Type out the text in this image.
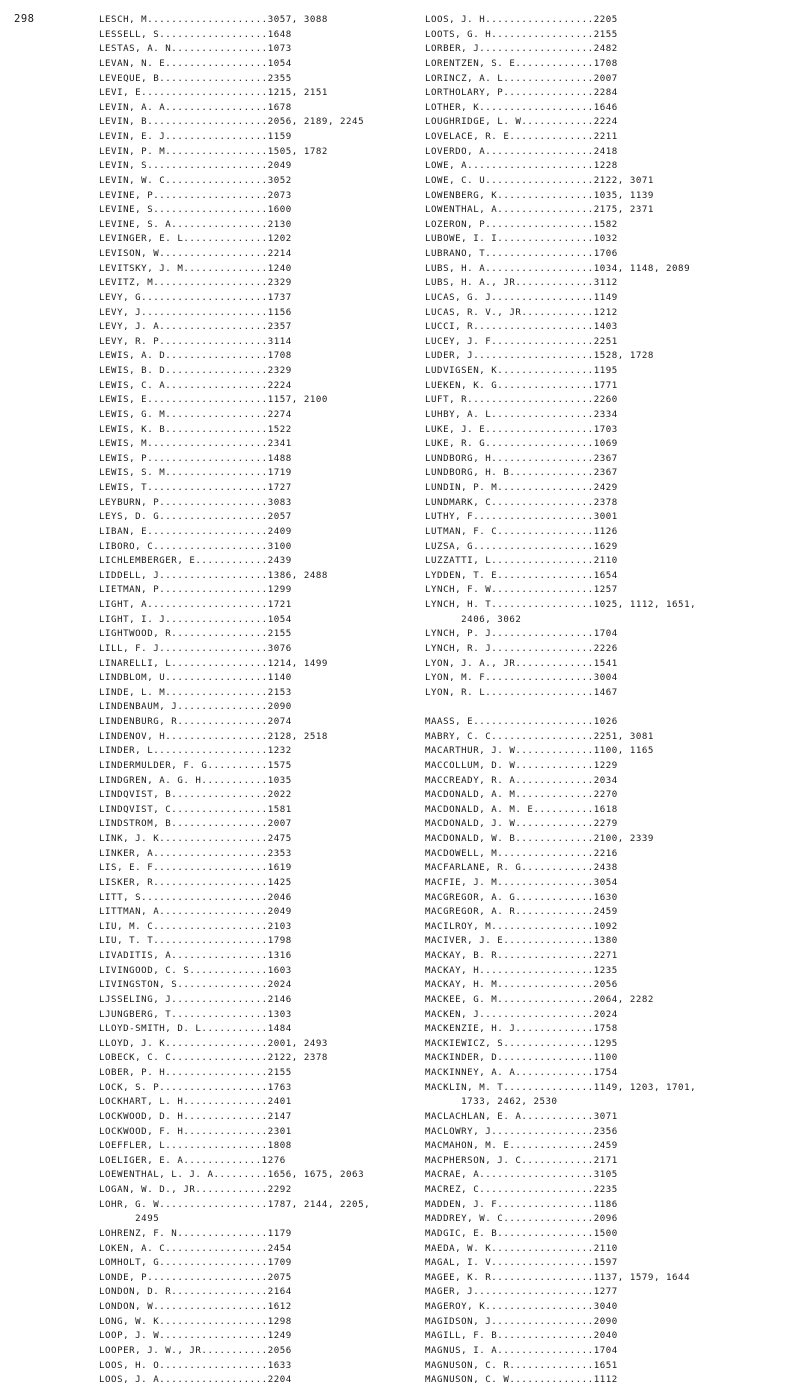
298	LESCH, M....................3057, 3088
LESSELL, S..................1648
LESTAS, A. N................1073
LEVAN, N. E.................1054
LEVEQUE, B..................2355
LEVI, E.....................1215, 2151
LEVIN, A. A.................1678
LEVIN, B....................2056, 2189, 2245
LEVIN, E. J.................1159
LEVIN, P. M.................1505, 1782
LEVIN, S....................2049
LEVIN, W. C.................3052
LEVINE, P...................2073
LEVINE, S...................1600
LEVINE, S. A................2130
LEVINGER, E. L..............1202
LEVISON, W..................2214
LEVITSKY, J. M..............1240
LEVITZ, M...................2329
LEVY, G.....................1737
LEVY, J.....................1156
LEVY, J. A..................2357
LEVY, R. P..................3114
LEWIS, A. D.................1708
LEWIS, B. D.................2329
LEWIS, C. A.................2224
LEWIS, E....................1157, 2100
LEWIS, G. M.................2274
LEWIS, K. B.................1522
LEWIS, M....................2341
LEWIS, P....................1488
LEWIS, S. M.................1719
LEWIS, T....................1727
LEYBURN, P..................3083
LEYS, D. G..................2057
LIBAN, E....................2409
LIBORO, C...................3100
LICHLEMBERGER, E............2439
LIDDELL, J..................1386, 2488
LIETMAN, P..................1299
LIGHT, A....................1721
LIGHT, I. J.................1054
LIGHTWOOD, R................2155
LILL, F. J..................3076
LINARELLI, L................1214, 1499
LINDBLOM, U.................1140
LINDE, L. M.................2153
LINDENBAUM, J...............2090
LINDENBURG, R...............2074
LINDENOV, H.................2128, 2518
LINDER, L...................1232
LINDERMULDER, F. G..........1575
LINDGREN, A. G. H...........1035
LINDQVIST, B................2022
LINDQVIST, C................1581
LINDSTROM, B................2007
LINK, J. K..................2475
LINKER, A...................2353
LIS, E. F...................1619
LISKER, R...................1425
LITT, S.....................2046
LITTMAN, A..................2049
LIU, M. C...................2103
LIU, T. T...................1798
LIVADITIS, A................1316
LIVINGOOD, C. S.............1603
LIVINGSTON, S...............2024
LJSSELING, J................2146
LJUNGBERG, T................1303
LLOYD-SMITH, D. L...........1484
LLOYD, J. K.................2001, 2493
LOBECK, C. C................2122, 2378
LOBER, P. H.................2155
LOCK, S. P..................1763
LOCKHART, L. H..............2401
LOCKWOOD, D. H..............2147
LOCKWOOD, F. H..............2301
LOEFFLER, L.................1808
LOELIGER, E. A.............1276
LOEWENTHAL, L. J. A.........1656, 1675, 2063
LOGAN, W. D., JR............2292
LOHR, G. W..................1787, 2144, 2205,
2495
LOHRENZ, F. N...............1179
LOKEN, A. C.................2454
LOMHOLT, G..................1709
LONDE, P....................2075
LONDON, D. R................2164
LONDON, W...................1612
LONG, W. K..................1298
LOOP, J. W..................1249
LOOPER, J. W., JR...........2056
LOOS, H. O..................1633
LOOS, J. A..................2204
LOOS, J. H..................2205
LOOTS, G. H.................2155
LORBER, J...................2482
LORENTZEN, S. E.............1708
LORINCZ, A. L...............2007
LORTHOLARY, P...............2284
LOTHER, K...................1646
LOUGHRIDGE, L. W............2224
LOVELACE, R. E..............2211
LOVERDO, A..................2418
LOWE, A.....................1228
LOWE, C. U..................2122, 3071
LOWENBERG, K................1035, 1139
LOWENTHAL, A................2175, 2371
LOZERON, P..................1582
LUBOWE, I. I................1032
LUBRANO, T..................1706
LUBS, H. A..................1034, 1148, 2089
LUBS, H. A., JR.............3112
LUCAS, G. J.................1149
LUCAS, R. V., JR............1212
LUCCI, R....................1403
LUCEY, J. F.................2251
LUDER, J....................1528, 1728
LUDVIGSEN, K................1195
LUEKEN, K. G................1771
LUFT, R.....................2260
LUHBY, A. L.................2334
LUKE, J. E..................1703
LUKE, R. G..................1069
LUNDBORG, H.................2367
LUNDBORG, H. B..............2367
LUNDIN, P. M................2429
LUNDMARK, C.................2378
LUTHY, F....................3001
LUTMAN, F. C................1126
LUZSA, G....................1629
LUZZATTI, L.................2110
LYDDEN, T. E................1654
LYNCH, F. W.................1257
LYNCH, H. T.................1025, 1112, 1651,
2406, 3062
LYNCH, P. J.................1704
LYNCH, R. J.................2226
LYON, J. A., JR.............1541
LYON, M. F..................3004
LYON, R. L..................1467
MAASS, E....................1026
MABRY, C. C.................2251, 3081
MACARTHUR, J. W.............1100, 1165
MACCOLLUM, D. W.............1229
MACCREADY, R. A.............2034
MACDONALD, A. M.............2270
MACDONALD, A. M. E..........1618
MACDONALD, J. W.............2279
MACDONALD, W. B.............2100, 2339
MACDOWELL, M................2216
MACFARLANE, R. G............2438
MACFIE, J. M................3054
MACGREGOR, A. G.............1630
MACGREGOR, A. R.............2459
MACILROY, M.................1092
MACIVER, J. E...............1380
MACKAY, B. R................2271
MACKAY, H...................1235
MACKAY, H. M................2056
MACKEE, G. M................2064, 2282
MACKEN, J...................2024
MACKENZIE, H. J.............1758
MACKIEWICZ, S...............1295
MACKINDER, D................1100
MACKINNEY, A. A.............1754
MACKLIN, M. T...............1149, 1203, 1701,
1733, 2462, 2530
MACLACHLAN, E. A............3071
MACLOWRY, J.................2356
MACMAHON, M. E..............2459
MACPHERSON, J. C............2171
MACRAE, A...................3105
MACREZ, C...................2235
MADDEN, J. F................1186
MADDREY, W. C...............2096
MADGIC, E. B................1500
MAEDA, W. K.................2110
MAGAL, I. V.................1597
MAGEE, K. R.................1137, 1579, 1644
MAGER, J....................1277
MAGEROY, K..................3040
MAGIDSON, J.................2090
MAGILL, F. B................2040
MAGNUS, I. A................1704
MAGNUSON, C. R..............1651
MAGNUSON, C. W..............1112
